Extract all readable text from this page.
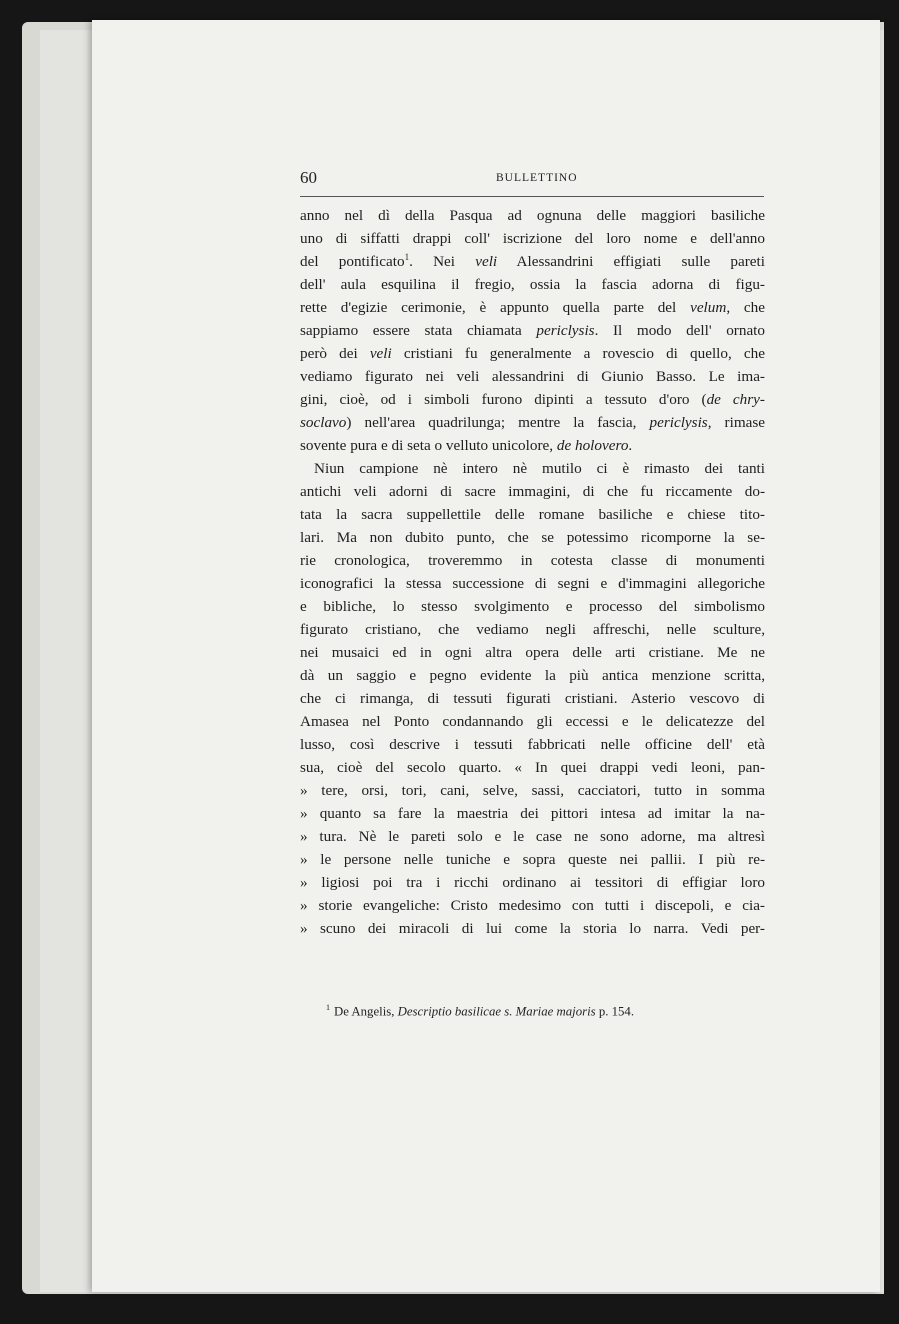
60	BULLETTINO
anno nel dì della Pasqua ad ognuna delle maggiori basiliche
uno di siffatti drappi coll' iscrizione del loro nome e dell'anno
del pontificato$^1$. Nei veli Alessandrini effigiati sulle pareti
dell' aula esquilina il fregio, ossia la fascia adorna di figu-
rette d'egizie cerimonie, è appunto quella parte del velum, che
sappiamo essere stata chiamata periclysis. Il modo dell' ornato
però dei veli cristiani fu generalmente a rovescio di quello, che
vediamo figurato nei veli alessandrini di Giunio Basso. Le ima-
gini, cioè, od i simboli furono dipinti a tessuto d'oro (de chry-
soclavo) nell'area quadrilunga; mentre la fascia, periclysis, rimase
sovente pura e di seta o velluto unicolore, de holovero.
Niun campione nè intero nè mutilo ci è rimasto dei tanti
antichi veli adorni di sacre immagini, di che fu riccamente do-
tata la sacra suppellettile delle romane basiliche e chiese tito-
lari. Ma non dubito punto, che se potessimo ricomporne la se-
rie cronologica, troveremmo in cotesta classe di monumenti
iconografici la stessa successione di segni e d'immagini allegoriche
e bibliche, lo stesso svolgimento e processo del simbolismo
figurato cristiano, che vediamo negli affreschi, nelle sculture,
nei musaici ed in ogni altra opera delle arti cristiane. Me ne
dà un saggio e pegno evidente la più antica menzione scritta,
che ci rimanga, di tessuti figurati cristiani. Asterio vescovo di
Amasea nel Ponto condannando gli eccessi e le delicatezze del
lusso, così descrive i tessuti fabbricati nelle officine dell' età
sua, cioè del secolo quarto. « In quei drappi vedi leoni, pan-
» tere, orsi, tori, cani, selve, sassi, cacciatori, tutto in somma
» quanto sa fare la maestria dei pittori intesa ad imitar la na-
» tura. Nè le pareti solo e le case ne sono adorne, ma altresì
» le persone nelle tuniche e sopra queste nei pallii. I più re-
» ligiosi poi tra i ricchi ordinano ai tessitori di effigiar loro
» storie evangeliche: Cristo medesimo con tutti i discepoli, e cia-
» scuno dei miracoli di lui come la storia lo narra. Vedi per-
$^1$ De Angelis, Descriptio basilicae s. Mariae majoris p. 154.
